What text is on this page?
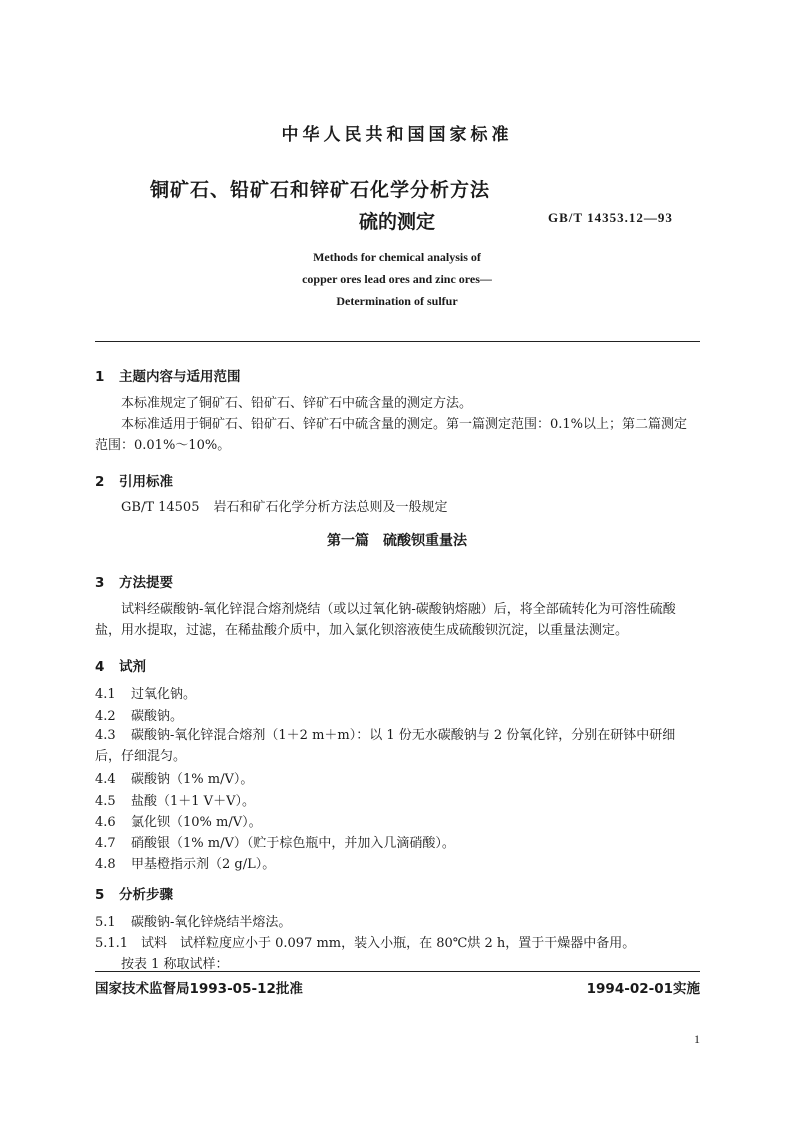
中华人民共和国国家标准
铜矿石、铅矿石和锌矿石化学分析方法
硫的测定	GB/T 14353.12—93
Methods for chemical analysis of
copper ores lead ores and zinc ores—
Determination of sulfur
1 主题内容与适用范围
本标准规定了铜矿石、铅矿石、锌矿石中硫含量的测定方法。
本标准适用于铜矿石、铅矿石、锌矿石中硫含量的测定。第一篇测定范围：0.1%以上；第二篇测定范围：0.01%～10%。
2 引用标准
GB/T 14505 岩石和矿石化学分析方法总则及一般规定
第一篇　硫酸钡重量法
3 方法提要
试料经碳酸钠-氧化锌混合熔剂烧结（或以过氧化钠-碳酸钠熔融）后，将全部硫转化为可溶性硫酸盐，用水提取，过滤，在稀盐酸介质中，加入氯化钡溶液使生成硫酸钡沉淀，以重量法测定。
4 试剂
4.1 过氧化钠。
4.2 碳酸钠。
4.3 碳酸钠-氧化锌混合熔剂（1＋2 m＋m）：以 1 份无水碳酸钠与 2 份氧化锌，分别在研钵中研细后，仔细混匀。
4.4 碳酸钠（1% m/V）。
4.5 盐酸（1＋1 V＋V）。
4.6 氯化钡（10% m/V）。
4.7 硝酸银（1% m/V）（贮于棕色瓶中，并加入几滴硝酸）。
4.8 甲基橙指示剂（2 g/L）。
5 分析步骤
5.1 碳酸钠-氧化锌烧结半熔法。
5.1.1 试料　试样粒度应小于 0.097 mm，装入小瓶，在 80℃烘 2 h，置于干燥器中备用。
按表 1 称取试样：
国家技术监督局1993-05-12批准	1994-02-01实施
1
